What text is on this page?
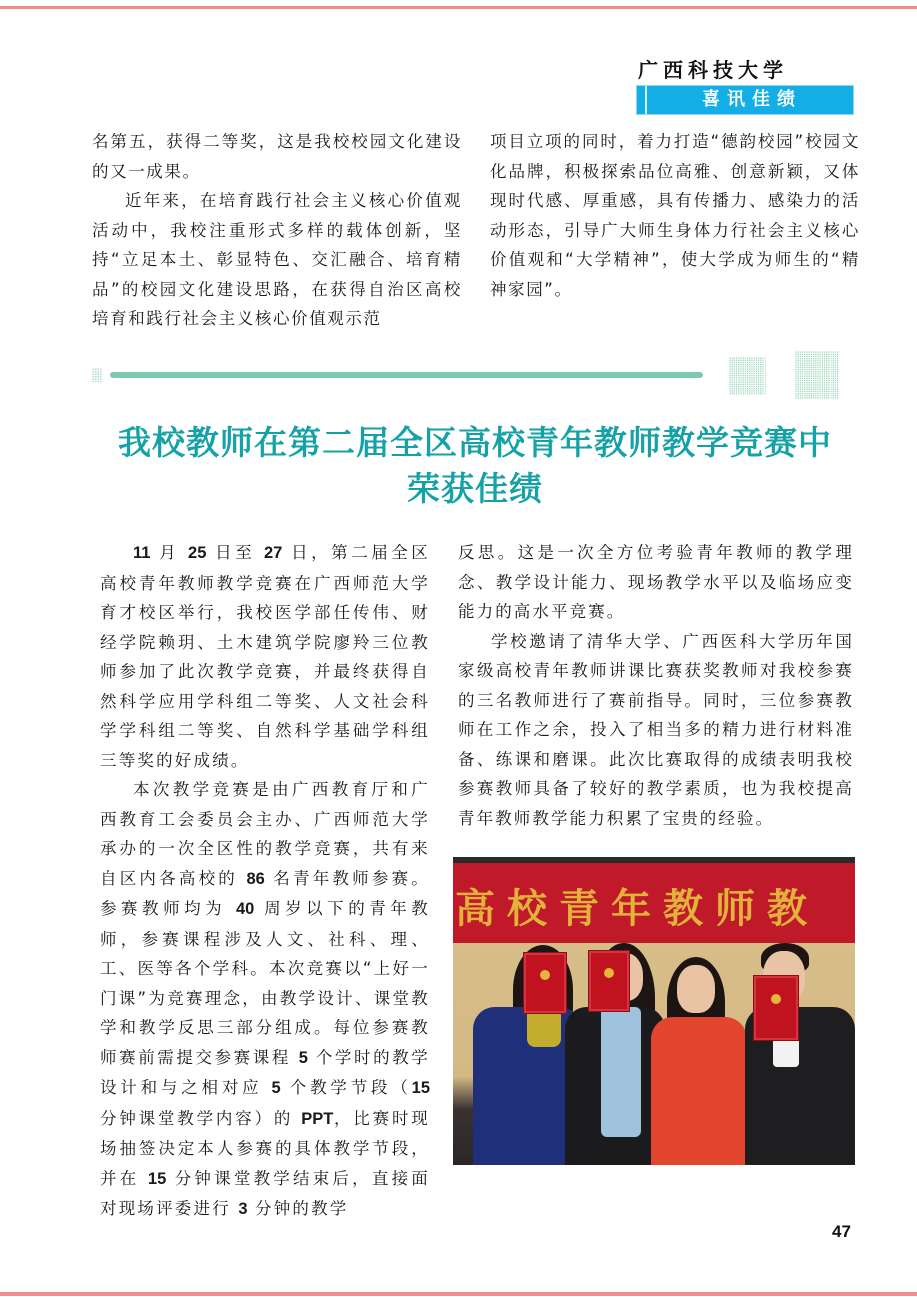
广西科技大学
喜讯佳绩

名第五，获得二等奖，这是我校校园文化建设的又一成果。

近年来，在培育践行社会主义核心价值观活动中，我校注重形式多样的载体创新，坚持“立足本土、彰显特色、交汇融合、培育精品”的校园文化建设思路，在获得自治区高校培育和践行社会主义核心价值观示范

项目立项的同时，着力打造“德韵校园”校园文化品牌，积极探索品位高雅、创意新颖，又体现时代感、厚重感，具有传播力、感染力的活动形态，引导广大师生身体力行社会主义核心价值观和“大学精神”，使大学成为师生的“精神家园”。

我校教师在第二届全区高校青年教师教学竞赛中
荣获佳绩

11 月 25 日至 27 日，第二届全区高校青年教师教学竞赛在广西师范大学育才校区举行，我校医学部任传伟、财经学院赖玥、土木建筑学院廖羚三位教师参加了此次教学竞赛，并最终获得自然科学应用学科组二等奖、人文社会科学学科组二等奖、自然科学基础学科组三等奖的好成绩。

本次教学竞赛是由广西教育厅和广西教育工会委员会主办、广西师范大学承办的一次全区性的教学竞赛，共有来自区内各高校的 86 名青年教师参赛。参赛教师均为 40 周岁以下的青年教师，参赛课程涉及人文、社科、理、工、医等各个学科。本次竞赛以“上好一门课”为竞赛理念，由教学设计、课堂教学和教学反思三部分组成。每位参赛教师赛前需提交参赛课程 5 个学时的教学设计和与之相对应 5 个教学节段（15 分钟课堂教学内容）的 PPT，比赛时现场抽签决定本人参赛的具体教学节段，并在 15 分钟课堂教学结束后，直接面对现场评委进行 3 分钟的教学

反思。这是一次全方位考验青年教师的教学理念、教学设计能力、现场教学水平以及临场应变能力的高水平竞赛。

学校邀请了清华大学、广西医科大学历年国家级高校青年教师讲课比赛获奖教师对我校参赛的三名教师进行了赛前指导。同时，三位参赛教师在工作之余，投入了相当多的精力进行材料准备、练课和磨课。此次比赛取得的成绩表明我校参赛教师具备了较好的教学素质，也为我校提高青年教师教学能力积累了宝贵的经验。

高校青年教师教
47
